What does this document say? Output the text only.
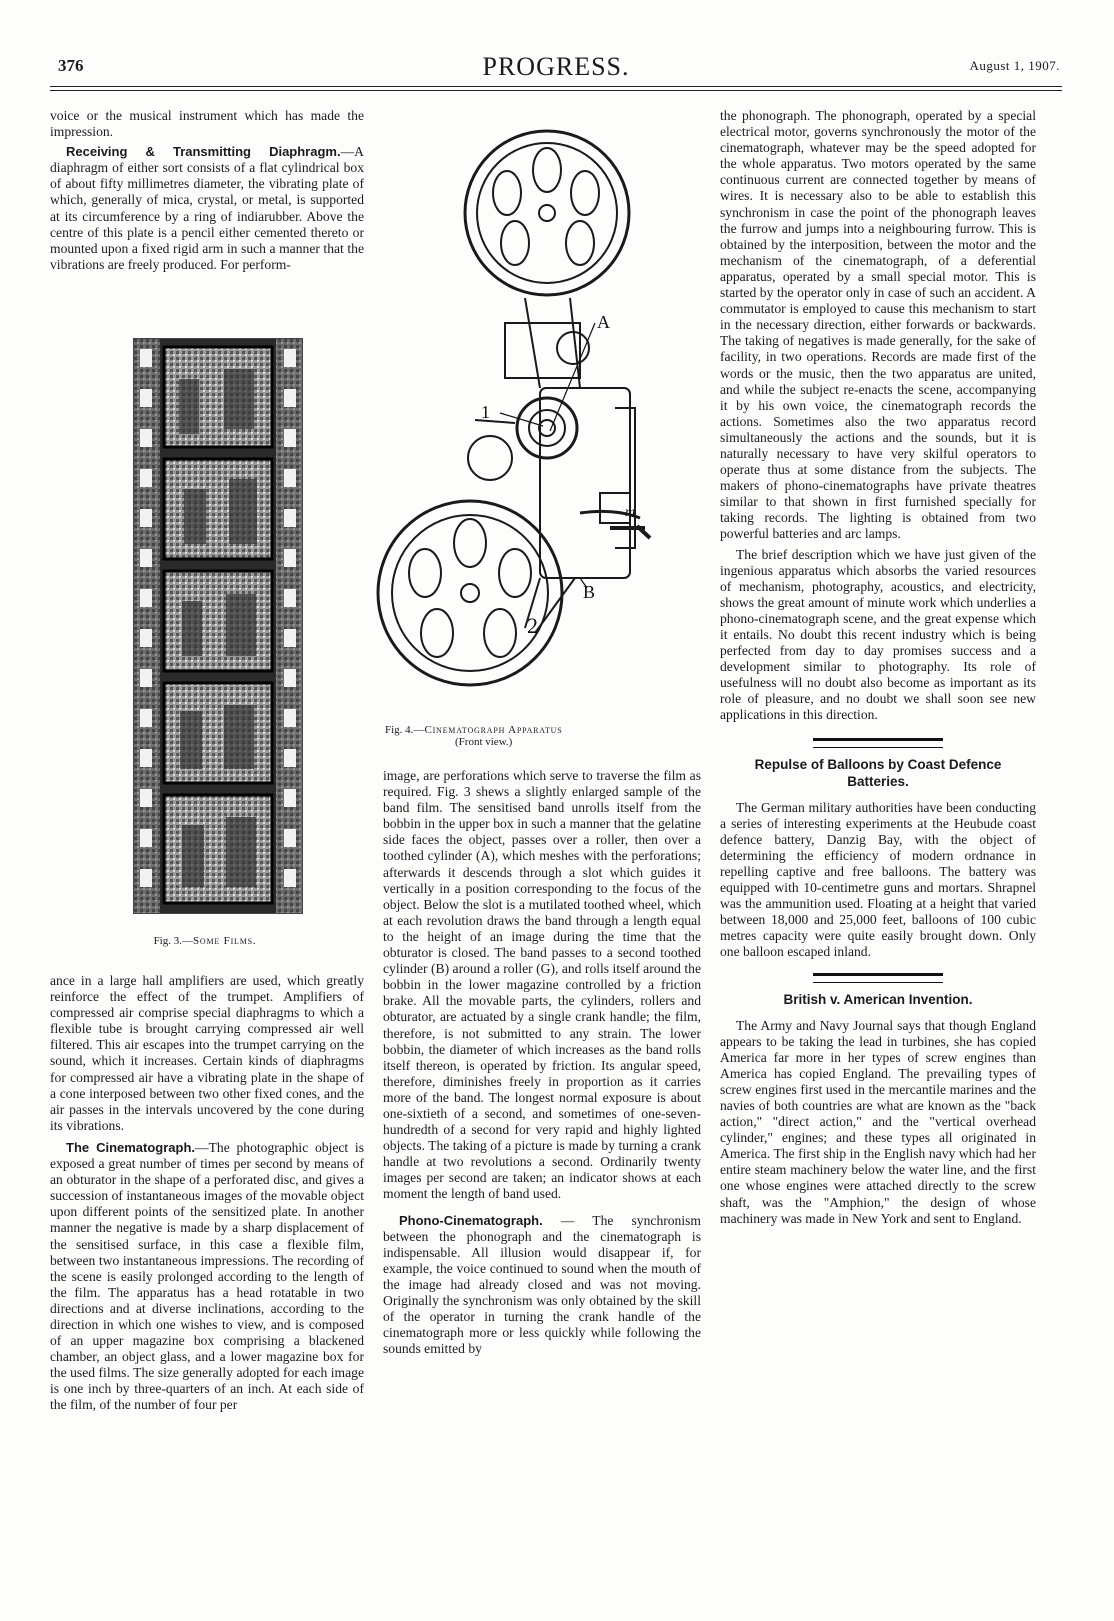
376	PROGRESS.	August 1, 1907.

voice or the musical instrument which has made the impression.

Receiving & Transmitting Diaphragm.—A diaphragm of either sort consists of a flat cylindrical box of about fifty millimetres diameter, the vibrating plate of which, generally of mica, crystal, or metal, is supported at its circumference by a ring of indiarubber. Above the centre of this plate is a pencil either cemented thereto or mounted upon a fixed rigid arm in such a manner that the vibrations are freely produced. For perform-

Fig. 3.—Some Films.

ance in a large hall amplifiers are used, which greatly reinforce the effect of the trumpet. Amplifiers of compressed air comprise special diaphragms to which a flexible tube is brought carrying compressed air well filtered. This air escapes into the trumpet carrying on the sound, which it increases. Certain kinds of diaphragms for compressed air have a vibrating plate in the shape of a cone interposed between two other fixed cones, and the air passes in the intervals uncovered by the cone during its vibrations.

The Cinematograph.—The photographic object is exposed a great number of times per second by means of an obturator in the shape of a perforated disc, and gives a succession of instantaneous images of the movable object upon different points of the sensitized plate. In another manner the negative is made by a sharp displacement of the sensitised surface, in this case a flexible film, between two instantaneous impressions. The recording of the scene is easily prolonged according to the length of the film. The apparatus has a head rotatable in two directions and at diverse inclinations, according to the direction in which one wishes to view, and is composed of an upper magazine box comprising a blackened chamber, an object glass, and a lower magazine box for the used films. The size generally adopted for each image is one inch by three-quarters of an inch. At each side of the film, of the number of four per

A
1
m
B
2
Fig. 4.—Cinematograph Apparatus
(Front view.)

image, are perforations which serve to traverse the film as required. Fig. 3 shews a slightly enlarged sample of the band film. The sensitised band unrolls itself from the bobbin in the upper box in such a manner that the gelatine side faces the object, passes over a roller, then over a toothed cylinder (A), which meshes with the perforations; afterwards it descends through a slot which guides it vertically in a position corresponding to the focus of the object. Below the slot is a mutilated toothed wheel, which at each revolution draws the band through a length equal to the height of an image during the time that the obturator is closed. The band passes to a second toothed cylinder (B) around a roller (G), and rolls itself around the bobbin in the lower magazine controlled by a friction brake. All the movable parts, the cylinders, rollers and obturator, are actuated by a single crank handle; the film, therefore, is not submitted to any strain. The lower bobbin, the diameter of which increases as the band rolls itself thereon, is operated by friction. Its angular speed, therefore, diminishes freely in proportion as it carries more of the band. The longest normal exposure is about one-sixtieth of a second, and sometimes of one-seven-hundredth of a second for very rapid and highly lighted objects. The taking of a picture is made by turning a crank handle at two revolutions a second. Ordinarily twenty images per second are taken; an indicator shows at each moment the length of band used.

Phono-Cinematograph. — The synchronism between the phonograph and the cinematograph is indispensable. All illusion would disappear if, for example, the voice continued to sound when the mouth of the image had already closed and was not moving. Originally the synchronism was only obtained by the skill of the operator in turning the crank handle of the cinematograph more or less quickly while following the sounds emitted by

the phonograph. The phonograph, operated by a special electrical motor, governs synchronously the motor of the cinematograph, whatever may be the speed adopted for the whole apparatus. Two motors operated by the same continuous current are connected together by means of wires. It is necessary also to be able to establish this synchronism in case the point of the phonograph leaves the furrow and jumps into a neighbouring furrow. This is obtained by the interposition, between the motor and the mechanism of the cinematograph, of a deferential apparatus, operated by a small special motor. This is started by the operator only in case of such an accident. A commutator is employed to cause this mechanism to start in the necessary direction, either forwards or backwards. The taking of negatives is made generally, for the sake of facility, in two operations. Records are made first of the words or the music, then the two apparatus are united, and while the subject re-enacts the scene, accompanying it by his own voice, the cinematograph records the actions. Sometimes also the two apparatus record simultaneously the actions and the sounds, but it is naturally necessary to have very skilful operators to operate thus at some distance from the subjects. The makers of phono-cinematographs have private theatres similar to that shown in first furnished specially for taking records. The lighting is obtained from two powerful batteries and arc lamps.

The brief description which we have just given of the ingenious apparatus which absorbs the varied resources of mechanism, photography, acoustics, and electricity, shows the great amount of minute work which underlies a phono-cinematograph scene, and the great expense which it entails. No doubt this recent industry which is being perfected from day to day promises success and a development similar to photography. Its role of usefulness will no doubt also become as important as its role of pleasure, and no doubt we shall soon see new applications in this direction.

Repulse of Balloons by Coast Defence Batteries.

The German military authorities have been conducting a series of interesting experiments at the Heubude coast defence battery, Danzig Bay, with the object of determining the efficiency of modern ordnance in repelling captive and free balloons. The battery was equipped with 10-centimetre guns and mortars. Shrapnel was the ammunition used. Floating at a height that varied between 18,000 and 25,000 feet, balloons of 100 cubic metres capacity were quite easily brought down. Only one balloon escaped inland.

British v. American Invention.

The Army and Navy Journal says that though England appears to be taking the lead in turbines, she has copied America far more in her types of screw engines than America has copied England. The prevailing types of screw engines first used in the mercantile marines and the navies of both countries are what are known as the "back action," "direct action," and the "vertical overhead cylinder," engines; and these types all originated in America. The first ship in the English navy which had her entire steam machinery below the water line, and the first one whose engines were attached directly to the screw shaft, was the "Amphion," the design of whose machinery was made in New York and sent to England.
